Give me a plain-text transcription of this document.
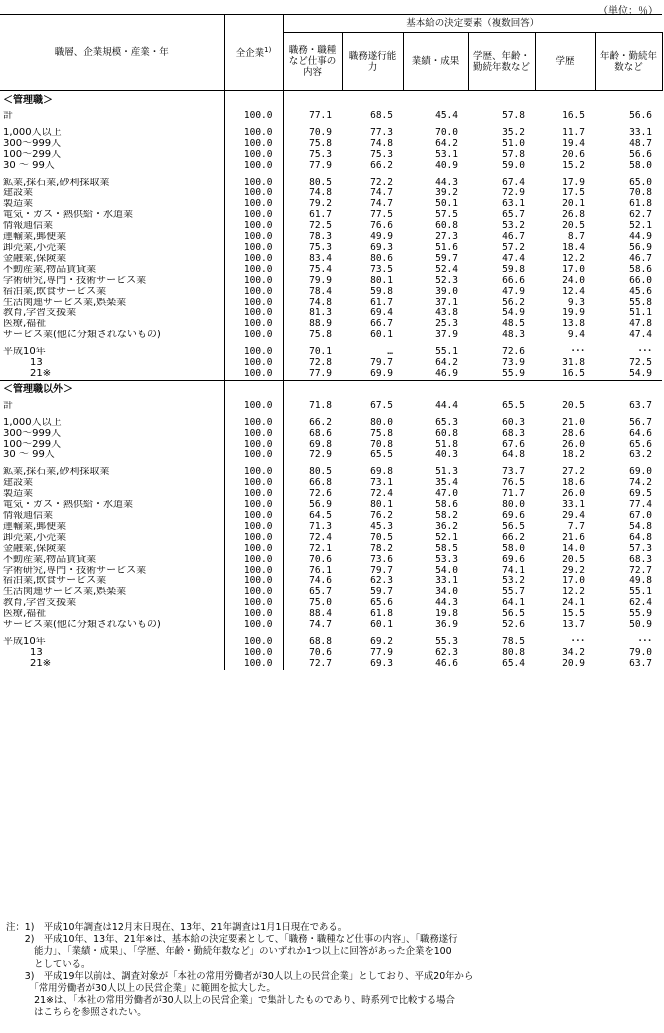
（単位：％）
職層、企業規模・産業・年	全企業$^{1)}$	基本給の決定要素（複数回答）					
		職務・職種など仕事の内容	職務遂行能力	業績・成果	学歴、年齢・勤続年数など	学歴	年齢・勤続年数など
＜管理職＞							
計	100.0	77.1	68.5	45.4	57.8	16.5	56.6

1,000人以上	100.0	70.9	77.3	70.0	35.2	11.7	33.1
300～999人	100.0	75.8	74.8	64.2	51.0	19.4	48.7
100～299人	100.0	75.3	75.3	53.1	57.8	20.6	56.6
30 ～ 99人	100.0	77.9	66.2	40.9	59.0	15.2	58.0

鉱業,採石業,砂利採取業	100.0	80.5	72.2	44.3	67.4	17.9	65.0
建設業	100.0	74.8	74.7	39.2	72.9	17.5	70.8
製造業	100.0	79.2	74.7	50.1	63.1	20.1	61.8
電気・ガス・熱供給・水道業	100.0	61.7	77.5	57.5	65.7	26.8	62.7
情報通信業	100.0	72.5	76.6	60.8	53.2	20.5	52.1
運輸業,郵便業	100.0	78.3	49.9	27.3	46.7	8.7	44.9
卸売業,小売業	100.0	75.3	69.3	51.6	57.2	18.4	56.9
金融業,保険業	100.0	83.4	80.6	59.7	47.4	12.2	46.7
不動産業,物品賃貸業	100.0	75.4	73.5	52.4	59.8	17.0	58.6
学術研究,専門・技術サービス業	100.0	79.9	80.1	52.3	66.6	24.0	66.0
宿泊業,飲食サービス業	100.0	78.4	59.8	39.0	47.9	12.4	45.6
生活関連サービス業,娯楽業	100.0	74.8	61.7	37.1	56.2	9.3	55.8
教育,学習支援業	100.0	81.3	69.4	43.8	54.9	19.9	51.1
医療,福祉	100.0	88.9	66.7	25.3	48.5	13.8	47.8
サービス業(他に分類されないもの)	100.0	75.8	60.1	37.9	48.3	9.4	47.4

平成10年	100.0	70.1	…	55.1	72.6	･･･	･･･
13	100.0	72.8	79.7	64.2	73.9	31.8	72.5
21※	100.0	77.9	69.9	46.9	55.9	16.5	54.9
＜管理職以外＞							
計	100.0	71.8	67.5	44.4	65.5	20.5	63.7

1,000人以上	100.0	66.2	80.0	65.3	60.3	21.0	56.7
300～999人	100.0	68.6	75.8	60.8	68.3	28.6	64.6
100～299人	100.0	69.8	70.8	51.8	67.6	26.0	65.6
30 ～ 99人	100.0	72.9	65.5	40.3	64.8	18.2	63.2

鉱業,採石業,砂利採取業	100.0	80.5	69.8	51.3	73.7	27.2	69.0
建設業	100.0	66.8	73.1	35.4	76.5	18.6	74.2
製造業	100.0	72.6	72.4	47.0	71.7	26.0	69.5
電気・ガス・熱供給・水道業	100.0	56.9	80.1	58.6	80.0	33.1	77.4
情報通信業	100.0	64.5	76.2	58.2	69.6	29.4	67.0
運輸業,郵便業	100.0	71.3	45.3	36.2	56.5	7.7	54.8
卸売業,小売業	100.0	72.4	70.5	52.1	66.2	21.6	64.8
金融業,保険業	100.0	72.1	78.2	58.5	58.0	14.0	57.3
不動産業,物品賃貸業	100.0	70.6	73.6	53.3	69.6	20.5	68.3
学術研究,専門・技術サービス業	100.0	76.1	79.7	54.0	74.1	29.2	72.7
宿泊業,飲食サービス業	100.0	74.6	62.3	33.1	53.2	17.0	49.8
生活関連サービス業,娯楽業	100.0	65.7	59.7	34.0	55.7	12.2	55.1
教育,学習支援業	100.0	75.0	65.6	44.3	64.1	24.1	62.4
医療,福祉	100.0	88.4	61.8	19.8	56.5	15.5	55.9
サービス業(他に分類されないもの)	100.0	74.7	60.1	36.9	52.6	13.7	50.9

平成10年	100.0	68.8	69.2	55.3	78.5	･･･	･･･
13	100.0	70.6	77.9	62.3	80.8	34.2	79.0
21※	100.0	72.7	69.3	46.6	65.4	20.9	63.7
注：1)　平成10年調査は12月末日現在、13年、21年調査は1月1日現在である。
　　2)　平成10年、13年、21年※は、基本給の決定要素として、「職務・職種など仕事の内容」、「職務遂行
　　　能力」、「業績・成果」、「学歴、年齢・勤続年数など」のいずれか1つ以上に回答があった企業を100
　　　としている。
　　3)　平成19年以前は、調査対象が「本社の常用労働者が30人以上の民営企業」としており、平成20年から
　　　「常用労働者が30人以上の民営企業」に範囲を拡大した。
　　　21※は、「本社の常用労働者が30人以上の民営企業」で集計したものであり、時系列で比較する場合
　　　はこちらを参照されたい。
